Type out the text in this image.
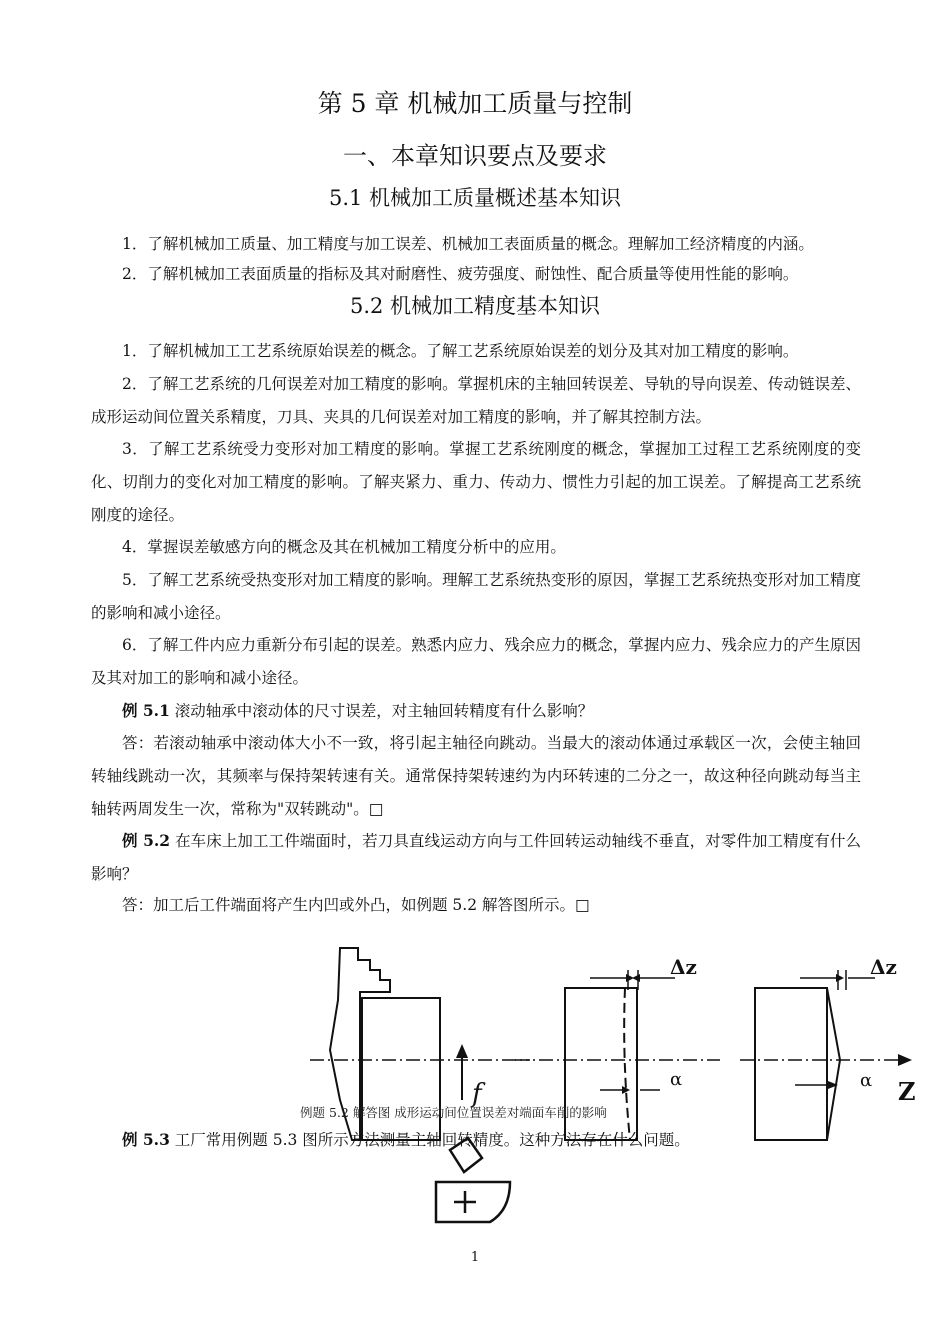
第 5 章 机械加工质量与控制
一、本章知识要点及要求
5.1 机械加工质量概述基本知识

1．了解机械加工质量、加工精度与加工误差、机械加工表面质量的概念。理解加工经济精度的内涵。

2．了解机械加工表面质量的指标及其对耐磨性、疲劳强度、耐蚀性、配合质量等使用性能的影响。

5.2 机械加工精度基本知识

1．了解机械加工工艺系统原始误差的概念。了解工艺系统原始误差的划分及其对加工精度的影响。

2．了解工艺系统的几何误差对加工精度的影响。掌握机床的主轴回转误差、导轨的导向误差、传动链误差、成形运动间位置关系精度，刀具、夹具的几何误差对加工精度的影响，并了解其控制方法。

3．了解工艺系统受力变形对加工精度的影响。掌握工艺系统刚度的概念，掌握加工过程工艺系统刚度的变化、切削力的变化对加工精度的影响。了解夹紧力、重力、传动力、惯性力引起的加工误差。了解提高工艺系统刚度的途径。

4．掌握误差敏感方向的概念及其在机械加工精度分析中的应用。

5．了解工艺系统受热变形对加工精度的影响。理解工艺系统热变形的原因，掌握工艺系统热变形对加工精度的影响和减小途径。

6．了解工件内应力重新分布引起的误差。熟悉内应力、残余应力的概念，掌握内应力、残余应力的产生原因及其对加工的影响和减小途径。

例 5.1 滚动轴承中滚动体的尺寸误差，对主轴回转精度有什么影响？

答：若滚动轴承中滚动体大小不一致，将引起主轴径向跳动。当最大的滚动体通过承载区一次，会使主轴回转轴线跳动一次，其频率与保持架转速有关。通常保持架转速约为内环转速的二分之一，故这种径向跳动每当主轴转两周发生一次，常称为"双转跳动"。□

例 5.2 在车床上加工工件端面时，若刀具直线运动方向与工件回转运动轴线不垂直，对零件加工精度有什么影响？

答：加工后工件端面将产生内凹或外凸，如例题 5.2 解答图所示。□

f
Δz	Δz
α	α Z
例题 5.2 解答图 成形运动间位置误差对端面车削的影响

例 5.3 工厂常用例题 5.3 图所示方法测量主轴回转精度。这种方法存在什么问题。

1
